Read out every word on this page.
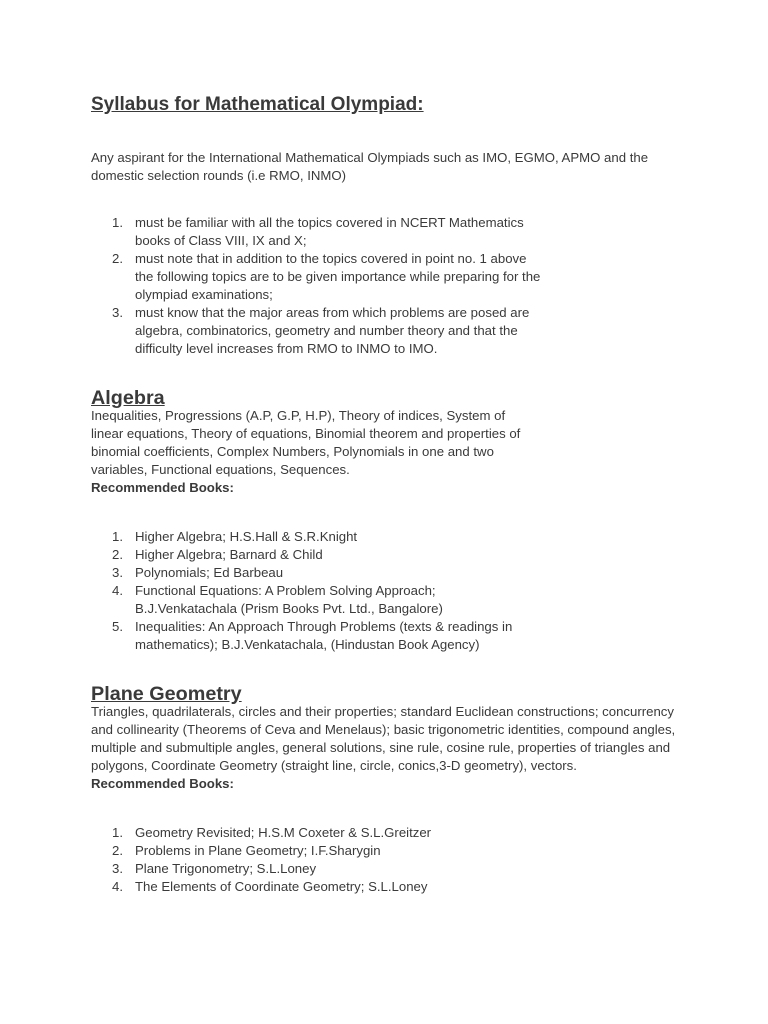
Syllabus for Mathematical Olympiad:

Any aspirant for the International Mathematical Olympiads such as IMO, EGMO, APMO and the domestic selection rounds (i.e RMO, INMO)

1. must be familiar with all the topics covered in NCERT Mathematics books of Class VIII, IX and X;
2. must note that in addition to the topics covered in point no. 1 above the following topics are to be given importance while preparing for the olympiad examinations;
3. must know that the major areas from which problems are posed are algebra, combinatorics, geometry and number theory and that the difficulty level increases from RMO to INMO to IMO.
Algebra

Inequalities, Progressions (A.P, G.P, H.P), Theory of indices, System of linear equations, Theory of equations, Binomial theorem and properties of binomial coefficients, Complex Numbers, Polynomials in one and two variables, Functional equations, Sequences.

Recommended Books:

1. Higher Algebra; H.S.Hall & S.R.Knight
2. Higher Algebra; Barnard & Child
3. Polynomials; Ed Barbeau
4. Functional Equations: A Problem Solving Approach; B.J.Venkatachala (Prism Books Pvt. Ltd., Bangalore)
5. Inequalities: An Approach Through Problems (texts & readings in mathematics); B.J.Venkatachala, (Hindustan Book Agency)
Plane Geometry

Triangles, quadrilaterals, circles and their properties; standard Euclidean constructions; concurrency and collinearity (Theorems of Ceva and Menelaus); basic trigonometric identities, compound angles, multiple and submultiple angles, general solutions, sine rule, cosine rule, properties of triangles and polygons, Coordinate Geometry (straight line, circle, conics,3-D geometry), vectors.

Recommended Books:

1. Geometry Revisited; H.S.M Coxeter & S.L.Greitzer
2. Problems in Plane Geometry; I.F.Sharygin
3. Plane Trigonometry; S.L.Loney
4. The Elements of Coordinate Geometry; S.L.Loney
